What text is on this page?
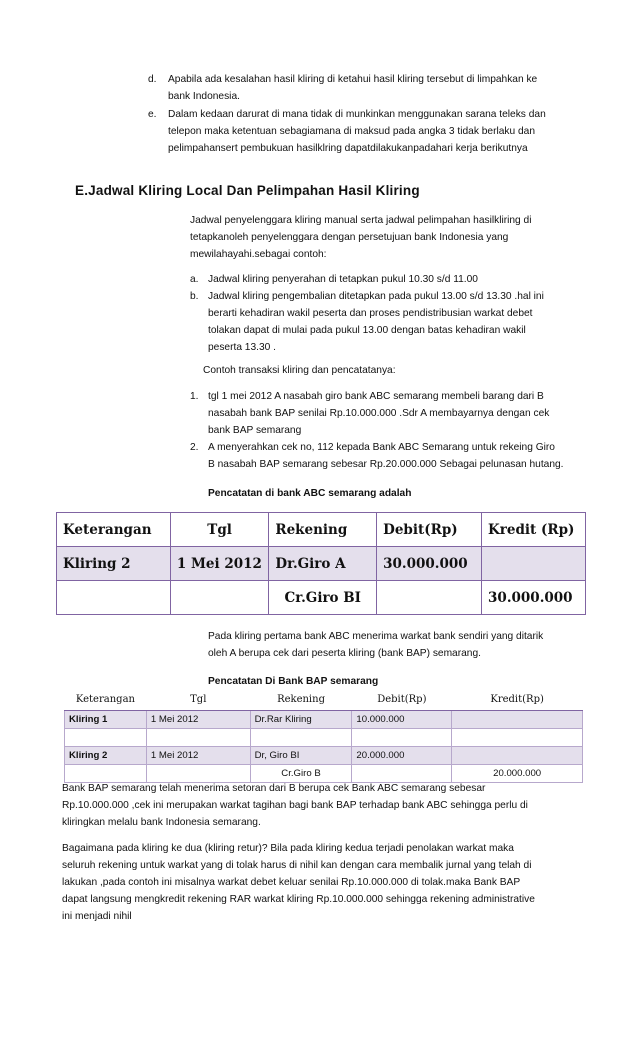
d. Apabila ada kesalahan hasil kliring di ketahui hasil kliring tersebut di limpahkan ke
bank Indonesia.
e. Dalam kedaan darurat di mana tidak di munkinkan menggunakan sarana teleks dan
telepon maka ketentuan sebagiamana di maksud pada angka 3 tidak berlaku dan
pelimpahansert pembukuan hasilklring dapatdilakukanpadahari kerja berikutnya
E.Jadwal Kliring Local Dan Pelimpahan Hasil Kliring
Jadwal penyelenggara kliring manual serta jadwal pelimpahan hasilkliring di
tetapkanoleh penyelenggara dengan persetujuan bank Indonesia yang
mewilahayahi.sebagai contoh:
a. Jadwal kliring penyerahan di tetapkan pukul 10.30 s/d 11.00
b. Jadwal kliring pengembalian ditetapkan pada pukul 13.00 s/d 13.30 .hal ini
berarti kehadiran wakil peserta dan proses pendistribusian warkat debet
tolakan dapat di mulai pada pukul 13.00 dengan batas kehadiran wakil
peserta 13.30 .
Contoh transaksi kliring dan pencatatanya:
1. tgl 1 mei 2012 A nasabah giro bank ABC semarang membeli barang dari B
nasabah bank BAP senilai Rp.10.000.000 .Sdr A membayarnya dengan cek
bank BAP semarang
2. A menyerahkan cek no, 112 kepada Bank ABC Semarang untuk rekeing Giro
B nasabah BAP semarang sebesar Rp.20.000.000 Sebagai pelunasan hutang.
Pencatatan di bank ABC semarang adalah
Keterangan	Tgl	Rekening	Debit(Rp)	Kredit (Rp)
Kliring 2	1 Mei 2012	Dr.Giro A	30.000.000	
		Cr.Giro BI		30.000.000
Pada kliring pertama bank ABC menerima warkat bank sendiri yang ditarik
oleh A berupa cek dari peserta kliring (bank BAP) semarang.
Pencatatan Di Bank BAP semarang
Keterangan	Tgl	Rekening	Debit(Rp)	Kredit(Rp)
Kliring 1	1 Mei 2012	Dr.Rar Kliring	10.000.000	

Kliring 2	1 Mei 2012	Dr, Giro BI	20.000.000	
		Cr.Giro B		20.000.000
Bank BAP semarang telah menerima setoran dari B berupa cek Bank ABC semarang sebesar
Rp.10.000.000 ,cek ini merupakan warkat tagihan bagi bank BAP terhadap bank ABC sehingga perlu di
kliringkan melalu bank Indonesia semarang.
Bagaimana pada kliring ke dua (kliring retur)? Bila pada kliring kedua terjadi penolakan warkat maka
seluruh rekening untuk warkat yang di tolak harus di nihil kan dengan cara membalik jurnal yang telah di
lakukan ,pada contoh ini misalnya warkat debet keluar senilai Rp.10.000.000 di tolak.maka Bank BAP
dapat langsung mengkredit rekening RAR warkat kliring Rp.10.000.000 sehingga rekening administrative
ini menjadi nihil
